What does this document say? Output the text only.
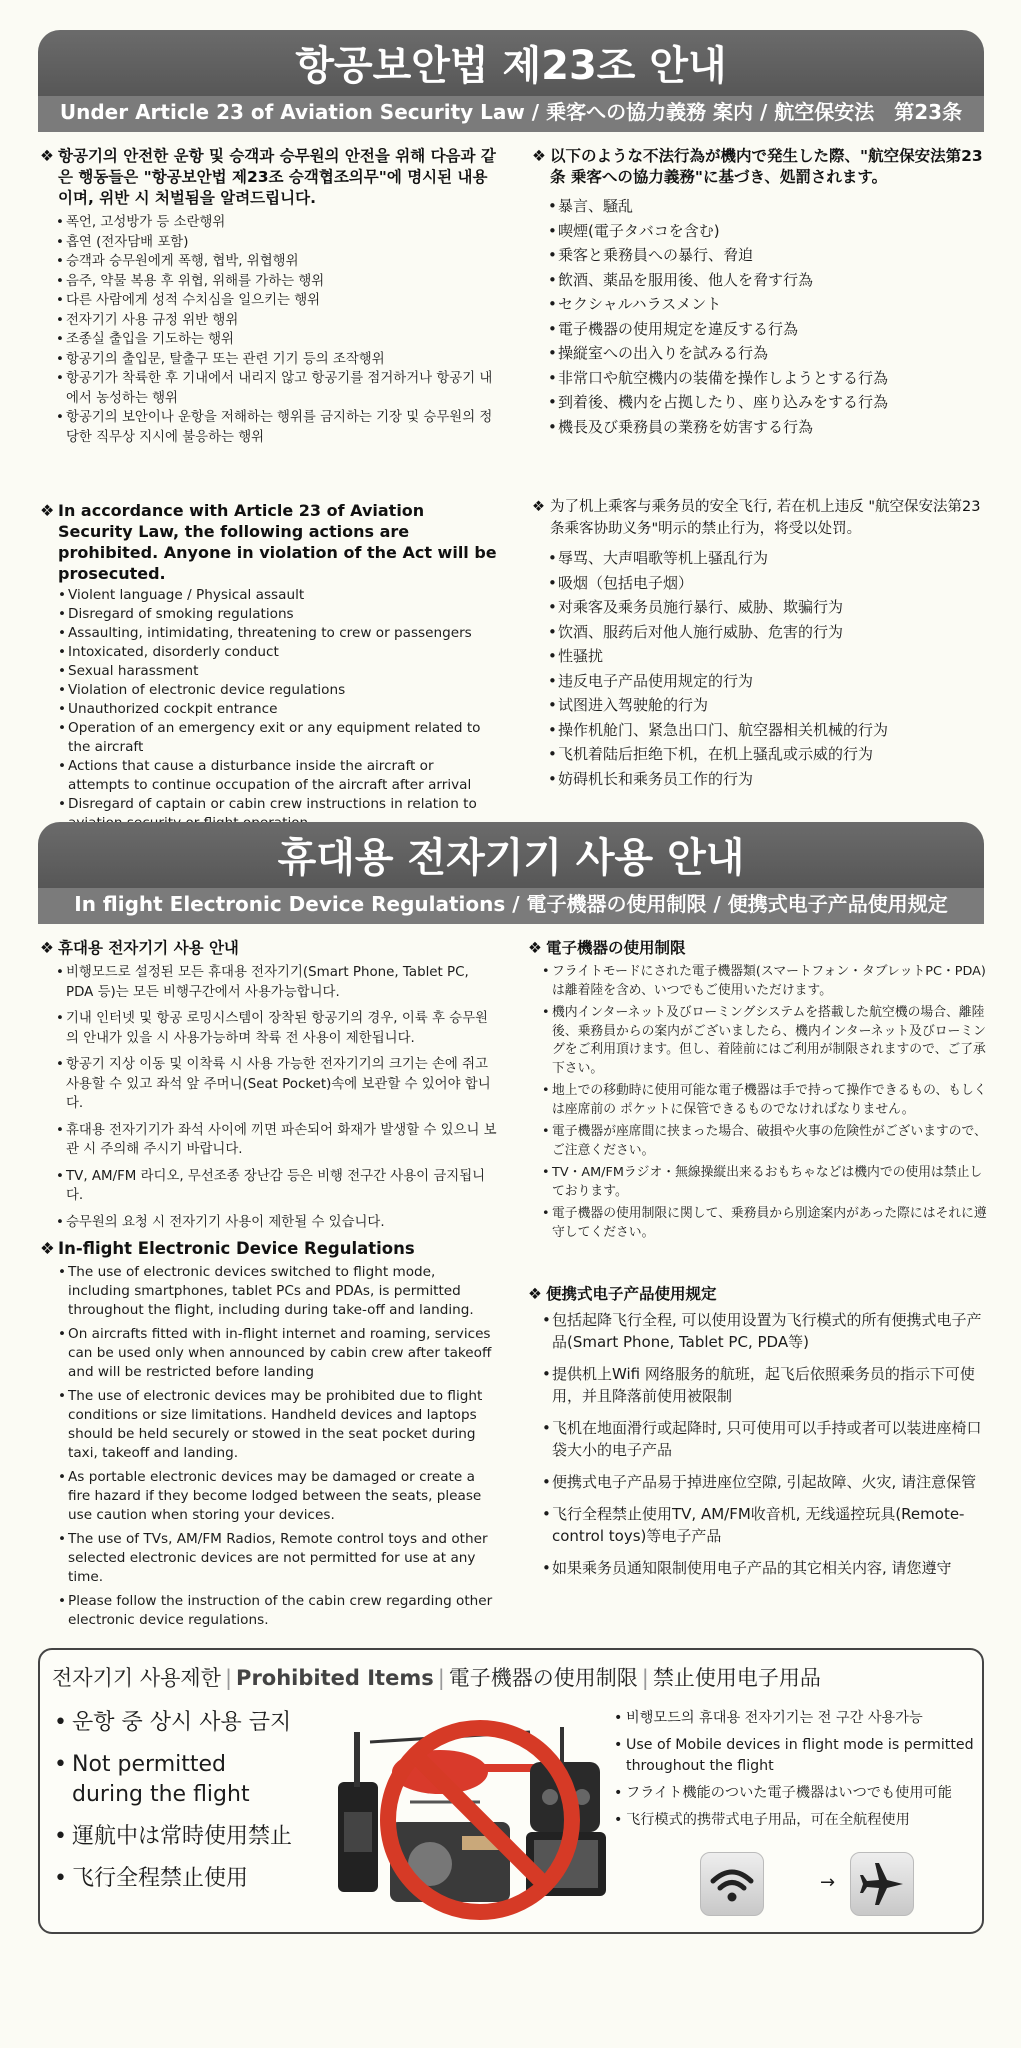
항공보안법 제23조 안내
Under Article 23 of Aviation Security Law / 乗客への協力義務 案内 / 航空保安法　第23条
❖ 항공기의 안전한 운항 및 승객과 승무원의 안전을 위해 다음과 같은 행동들은 "항공보안법 제23조 승객협조의무"에 명시된 내용이며, 위반 시 처벌됨을 알려드립니다.
• 폭언, 고성방가 등 소란행위
• 흡연 (전자담배 포함)
• 승객과 승무원에게 폭행, 협박, 위협행위
• 음주, 약물 복용 후 위협, 위해를 가하는 행위
• 다른 사람에게 성적 수치심을 일으키는 행위
• 전자기기 사용 규정 위반 행위
• 조종실 출입을 기도하는 행위
• 항공기의 출입문, 탈출구 또는 관련 기기 등의 조작행위
• 항공기가 착륙한 후 기내에서 내리지 않고 항공기를 점거하거나 항공기 내에서 농성하는 행위
• 항공기의 보안이나 운항을 저해하는 행위를 금지하는 기장 및 승무원의 정당한 직무상 지시에 불응하는 행위
❖ 以下のような不法行為が機内で発生した際、"航空保安法第23条 乗客への協力義務"に基づき、処罰されます。
• 暴言、騒乱
• 喫煙(電子タバコを含む)
• 乗客と乗務員への暴行、脅迫
• 飲酒、薬品を服用後、他人を脅す行為
• セクシャルハラスメント
• 電子機器の使用規定を違反する行為
• 操縦室への出入りを試みる行為
• 非常口や航空機内の装備を操作しようとする行為
• 到着後、機内を占拠したり、座り込みをする行為
• 機長及び乗務員の業務を妨害する行為
❖ In accordance with Article 23 of Aviation Security Law, the following actions are prohibited. Anyone in violation of the Act will be prosecuted.
• Violent language / Physical assault
• Disregard of smoking regulations
• Assaulting, intimidating, threatening to crew or passengers
• Intoxicated, disorderly conduct
• Sexual harassment
• Violation of electronic device regulations
• Unauthorized cockpit entrance
• Operation of an emergency exit or any equipment related to the aircraft
• Actions that cause a disturbance inside the aircraft or attempts to continue occupation of the aircraft after arrival
• Disregard of captain or cabin crew instructions in relation to
❖ 为了机上乘客与乘务员的安全飞行, 若在机上违反 "航空保安法第23条乘客协助义务"明示的禁止行为，将受以处罚。
• 辱骂、大声唱歌等机上骚乱行为
• 吸烟（包括电子烟）
• 对乘客及乘务员施行暴行、威胁、欺骗行为
• 饮酒、服药后对他人施行威胁、危害的行为
• 性骚扰
• 违反电子产品使用规定的行为
• 试图进入驾驶舱的行为
• 操作机舱门、紧急出口门、航空器相关机械的行为
• 飞机着陆后拒绝下机，在机上骚乱或示威的行为
• 妨碍机长和乘务员工作的行为
휴대용 전자기기 사용 안내
In flight Electronic Device Regulations / 電子機器の使用制限 / 便携式电子产品使用规定
❖ 휴대용 전자기기 사용 안내
• 비행모드로 설정된 모든 휴대용 전자기기(Smart Phone, Tablet PC, PDA 등)는 모든 비행구간에서 사용가능합니다.
• 기내 인터넷 및 항공 로밍시스템이 장착된 항공기의 경우, 이륙 후 승무원의 안내가 있을 시 사용가능하며 착륙 전 사용이 제한됩니다.
• 항공기 지상 이동 및 이착륙 시 사용 가능한 전자기기의 크기는 손에 쥐고 사용할 수 있고 좌석 앞 주머니(Seat Pocket)속에 보관할 수 있어야 합니다.
• 휴대용 전자기기가 좌석 사이에 끼면 파손되어 화재가 발생할 수 있으니 보관 시 주의해 주시기 바랍니다.
• TV, AM/FM 라디오, 무선조종 장난감 등은 비행 전구간 사용이 금지됩니다.
• 승무원의 요청 시 전자기기 사용이 제한될 수 있습니다.
❖ 電子機器の使用制限
• フライトモードにされた電子機器類(スマートフォン・タブレットPC・PDA)は離着陸を含め、いつでもご使用いただけます。
• 機内インターネット及びローミングシステムを搭載した航空機の場合、離陸後、乗務員からの案内がございましたら、機内インターネット及びローミングをご利用頂けます。但し、着陸前にはご利用が制限されますので、ご了承下さい。
• 地上での移動時に使用可能な電子機器は手で持って操作できるもの、もしくは座席前の ポケットに保管できるものでなければなりません。
• 電子機器が座席間に挟まった場合、破損や火事の危険性がございますので、ご注意ください。
• TV・AM/FMラジオ・無線操縦出来るおもちゃなどは機内での使用は禁止しております。
• 電子機器の使用制限に関して、乗務員から別途案内があった際にはそれに遵守してください。
❖ In-flight Electronic Device Regulations
• The use of electronic devices switched to flight mode, including smartphones, tablet PCs and PDAs, is permitted throughout the flight, including during take-off and landing.
• On aircrafts fitted with in-flight internet and roaming, services can be used only when announced by cabin crew after takeoff and will be restricted before landing
• The use of electronic devices may be prohibited due to flight conditions or size limitations. Handheld devices and laptops should be held securely or stowed in the seat pocket during taxi, takeoff and landing.
• As portable electronic devices may be damaged or create a fire hazard if they become lodged between the seats, please use caution when storing your devices.
• The use of TVs, AM/FM Radios, Remote control toys and other selected electronic devices are not permitted for use at any time.
• Please follow the instruction of the cabin crew regarding other electronic device regulations.
❖ 便携式电子产品使用规定
• 包括起降飞行全程, 可以使用设置为飞行模式的所有便携式电子产品(Smart Phone, Tablet PC, PDA等)
• 提供机上Wifi 网络服务的航班，起飞后依照乘务员的指示下可使用，并且降落前使用被限制
• 飞机在地面滑行或起降时, 只可使用可以手持或者可以装进座椅口袋大小的电子产品
• 便携式电子产品易于掉进座位空隙, 引起故障、火灾, 请注意保管
• 飞行全程禁止使用TV, AM/FM收音机, 无线遥控玩具(Remote-control toys)等电子产品
• 如果乘务员通知限制使用电子产品的其它相关内容, 请您遵守
전자기기 사용제한 | Prohibited Items | 電子機器の使用制限 | 禁止使用电子用品
• 운항 중 상시 사용 금지
• Not permitted during the flight
• 運航中は常時使用禁止
• 飞行全程禁止使用
• 비행모드의 휴대용 전자기기는 전 구간 사용가능
• Use of Mobile devices in flight mode is permitted throughout the flight
• フライト機能のついた電子機器はいつでも使用可能
• 飞行模式的携带式电子用品，可在全航程使用
→
